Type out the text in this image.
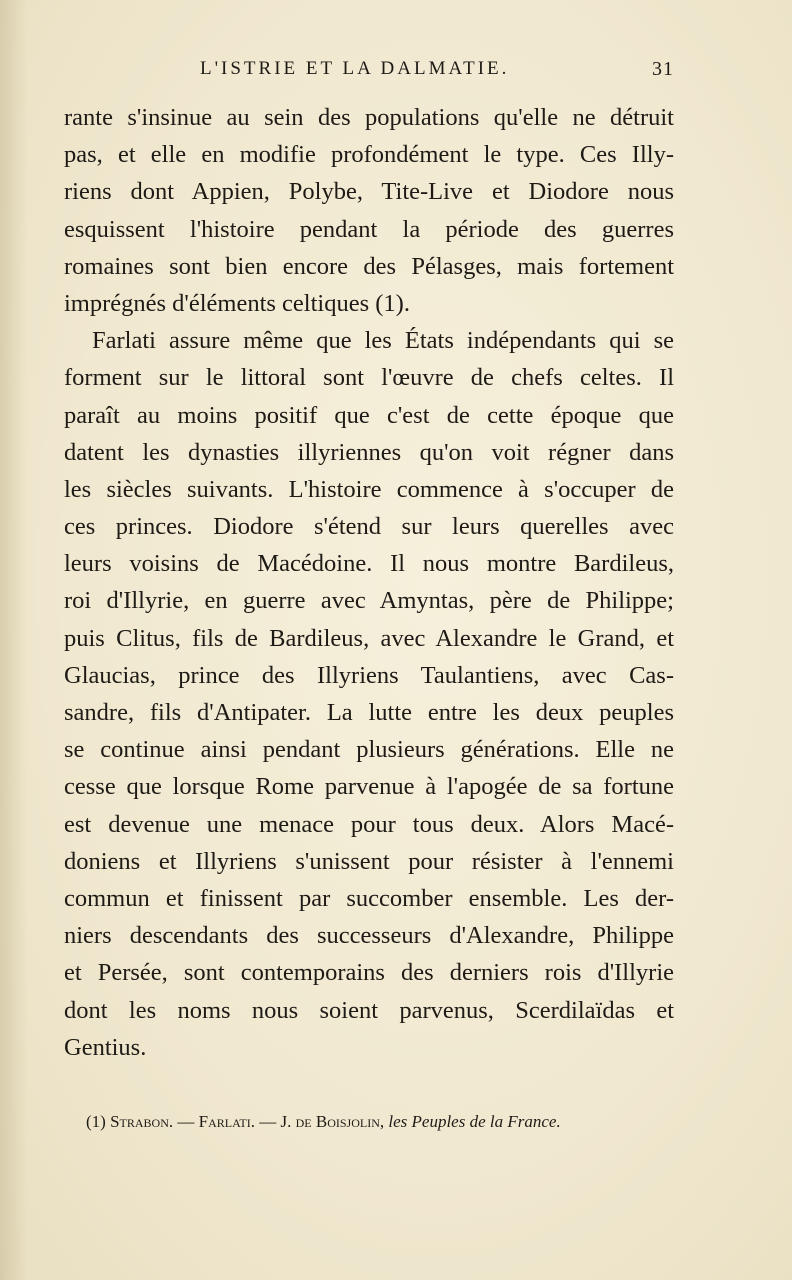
L'ISTRIE ET LA DALMATIE.	31
rante s'insinue au sein des populations qu'elle ne détruit
pas, et elle en modifie profondément le type. Ces Illy-
riens dont Appien, Polybe, Tite-Live et Diodore nous
esquissent l'histoire pendant la période des guerres
romaines sont bien encore des Pélasges, mais fortement
imprégnés d'éléments celtiques (1).
Farlati assure même que les États indépendants qui se
forment sur le littoral sont l'œuvre de chefs celtes. Il
paraît au moins positif que c'est de cette époque que
datent les dynasties illyriennes qu'on voit régner dans
les siècles suivants. L'histoire commence à s'occuper de
ces princes. Diodore s'étend sur leurs querelles avec
leurs voisins de Macédoine. Il nous montre Bardileus,
roi d'Illyrie, en guerre avec Amyntas, père de Philippe;
puis Clitus, fils de Bardileus, avec Alexandre le Grand, et
Glaucias, prince des Illyriens Taulantiens, avec Cas-
sandre, fils d'Antipater. La lutte entre les deux peuples
se continue ainsi pendant plusieurs générations. Elle ne
cesse que lorsque Rome parvenue à l'apogée de sa fortune
est devenue une menace pour tous deux. Alors Macé-
doniens et Illyriens s'unissent pour résister à l'ennemi
commun et finissent par succomber ensemble. Les der-
niers descendants des successeurs d'Alexandre, Philippe
et Persée, sont contemporains des derniers rois d'Illyrie
dont les noms nous soient parvenus, Scerdilaïdas et
Gentius.
(1) Strabon. — Farlati. — J. de Boisjolin, les Peuples de la France.
